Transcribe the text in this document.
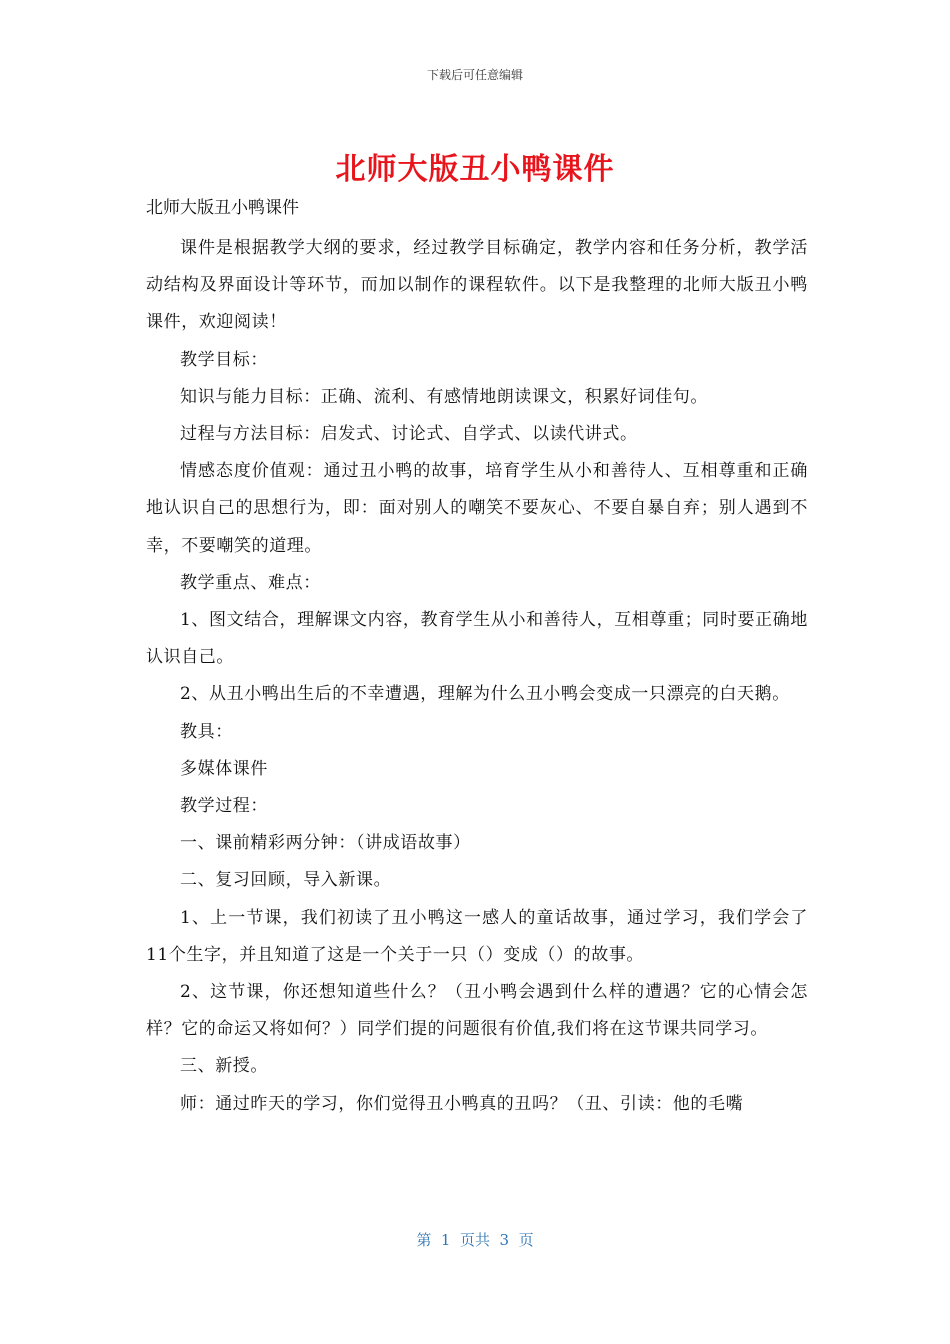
下载后可任意编辑
北师大版丑小鸭课件
北师大版丑小鸭课件

课件是根据教学大纲的要求，经过教学目标确定，教学内容和任务分析，教学活动结构及界面设计等环节，而加以制作的课程软件。以下是我整理的北师大版丑小鸭课件，欢迎阅读！

教学目标：

知识与能力目标：正确、流利、有感情地朗读课文，积累好词佳句。

过程与方法目标：启发式、讨论式、自学式、以读代讲式。

情感态度价值观：通过丑小鸭的故事，培育学生从小和善待人、互相尊重和正确地认识自己的思想行为，即：面对别人的嘲笑不要灰心、不要自暴自弃；别人遇到不幸，不要嘲笑的道理。

教学重点、难点：

1、图文结合，理解课文内容，教育学生从小和善待人，互相尊重；同时要正确地认识自己。

2、从丑小鸭出生后的不幸遭遇，理解为什么丑小鸭会变成一只漂亮的白天鹅。

教具：

多媒体课件

教学过程：

一、课前精彩两分钟：（讲成语故事）

二、复习回顾，导入新课。

1、上一节课，我们初读了丑小鸭这一感人的童话故事，通过学习，我们学会了11个生字，并且知道了这是一个关于一只（）变成（）的故事。

2、这节课，你还想知道些什么？（丑小鸭会遇到什么样的遭遇？它的心情会怎样？它的命运又将如何？）同学们提的问题很有价值,我们将在这节课共同学习。

三、新授。

师：通过昨天的学习，你们觉得丑小鸭真的丑吗？（丑、引读：他的毛嘴

第  1  页共  3  页
